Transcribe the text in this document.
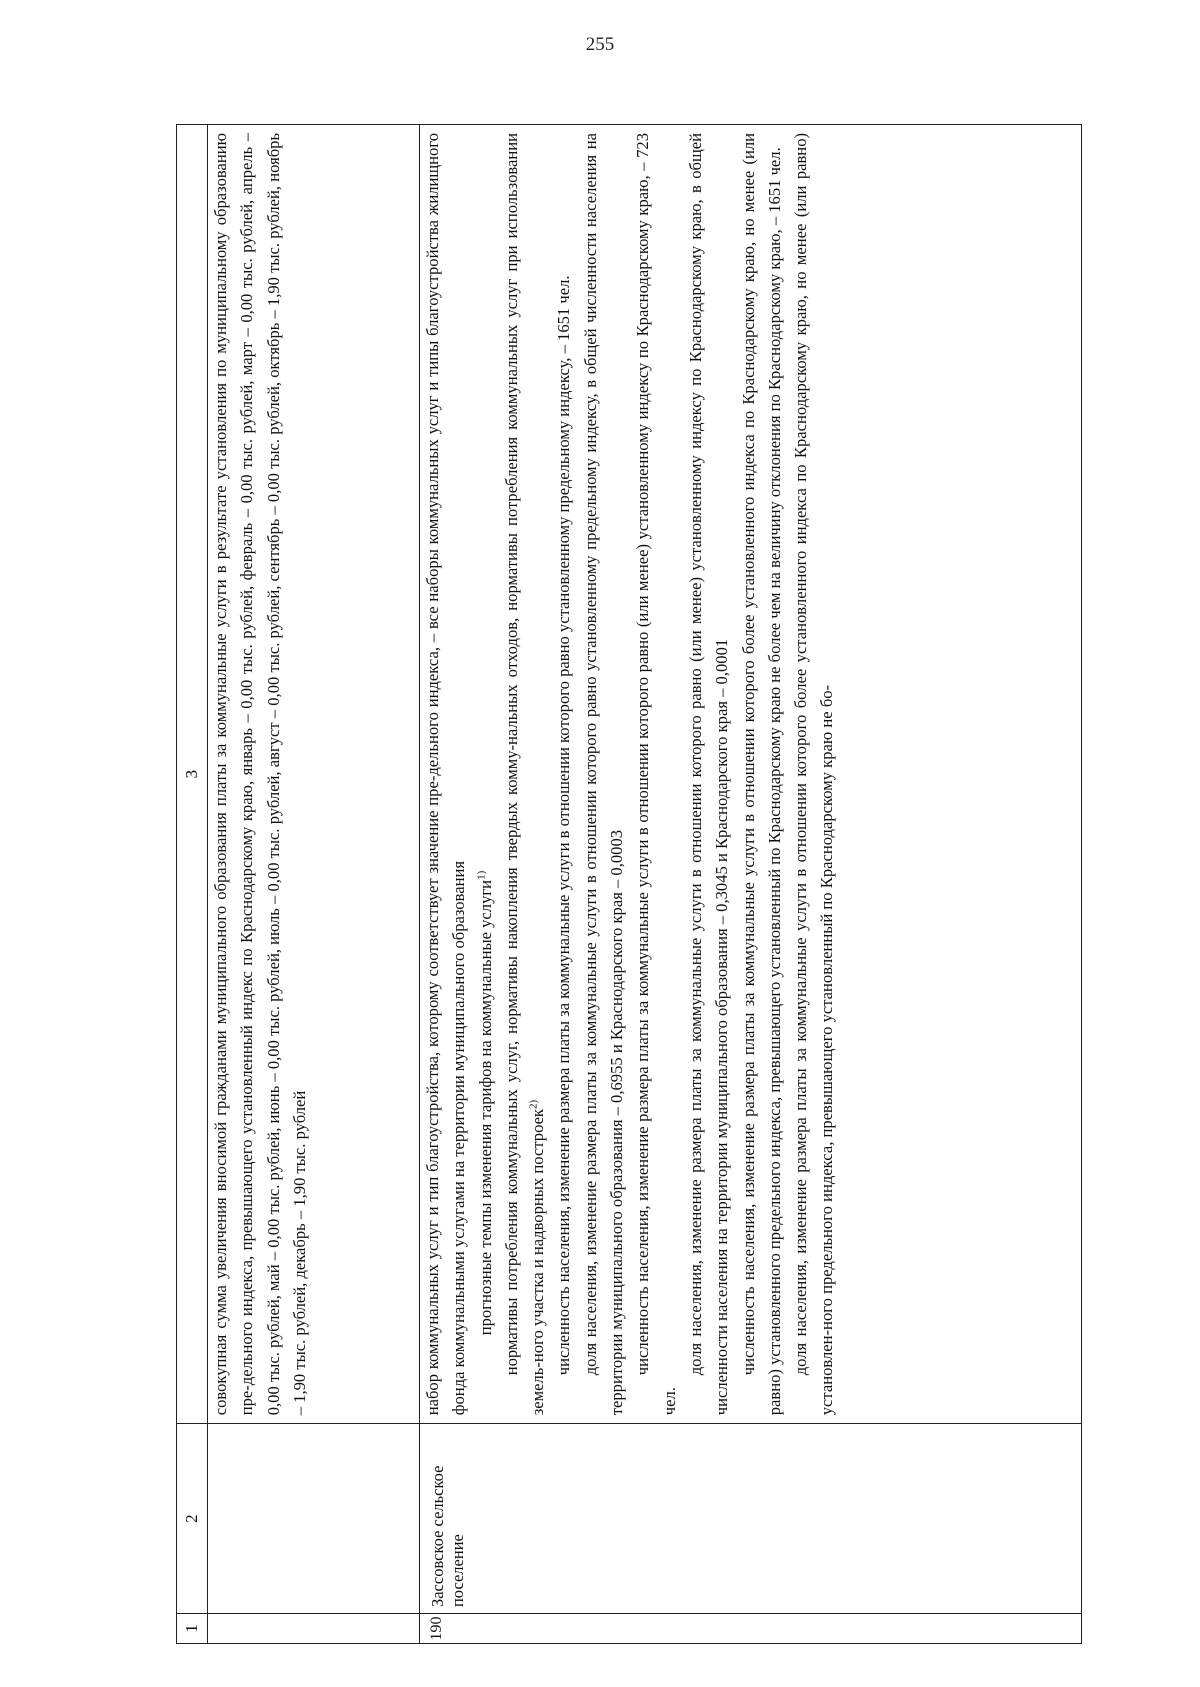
255
1
2
3 совокупная сумма увеличения вносимой гражданами муниципального образования платы за коммунальные услуги в результате установления по муниципальному образованию пре-дельного индекса, превышающего установленный индекс по Краснодарскому краю, январь – 0,00 тыс. рублей, февраль – 0,00 тыс. рублей, март – 0,00 тыс. рублей, апрель – 0,00 тыс. рублей, май – 0,00 тыс. рублей, июнь – 0,00 тыс. рублей, июль – 0,00 тыс. рублей, август – 0,00 тыс. рублей, сентябрь – 0,00 тыс. рублей, октябрь – 1,90 тыс. рублей, ноябрь – 1,90 тыс. рублей, декабрь – 1,90 тыс. рублей

190
Зассовское сельское поселение

набор коммунальных услуг и тип благоустройства, которому соответствует значение пре-дельного индекса, – все наборы коммунальных услуг и типы благоустройства жилищного фонда коммунальными услугами на территории муниципального образования прогнозные темпы изменения тарифов на коммунальные услуги$^{1)}$ нормативы потребления коммунальных услуг, нормативы накопления твердых комму-нальных отходов, нормативы потребления коммунальных услуг при использовании земель-ного участка и надворных построек$^{2)}$ численность населения, изменение размера платы за коммунальные услуги в отношении которого равно установленному предельному индексу, – 1651 чел. доля населения, изменение размера платы за коммунальные услуги в отношении которого равно установленному предельному индексу, в общей численности населения на территории муниципального образования – 0,6955 и Краснодарского края – 0,0003 численность населения, изменение размера платы за коммунальные услуги в отношении которого равно (или менее) установленному индексу по Краснодарскому краю, – 723 чел.

доля населения, изменение размера платы за коммунальные услуги в отношении которого равно (или менее) установленному индексу по Краснодарскому краю, в общей численности населения на территории муниципального образования – 0,3045 и Краснодарского края – 0,0001 численность населения, изменение размера платы за коммунальные услуги в отношении которого более установленного индекса по Краснодарскому краю, но менее (или равно) установленного предельного индекса, превышающего установленный по Краснодарскому краю не более чем на величину отклонения по Краснодарскому краю, – 1651 чел. доля населения, изменение размера платы за коммунальные услуги в отношении которого более установленного индекса по Краснодарскому краю, но менее (или равно) установлен-ного предельного индекса, превышающего установленный по Краснодарскому краю не бо-
